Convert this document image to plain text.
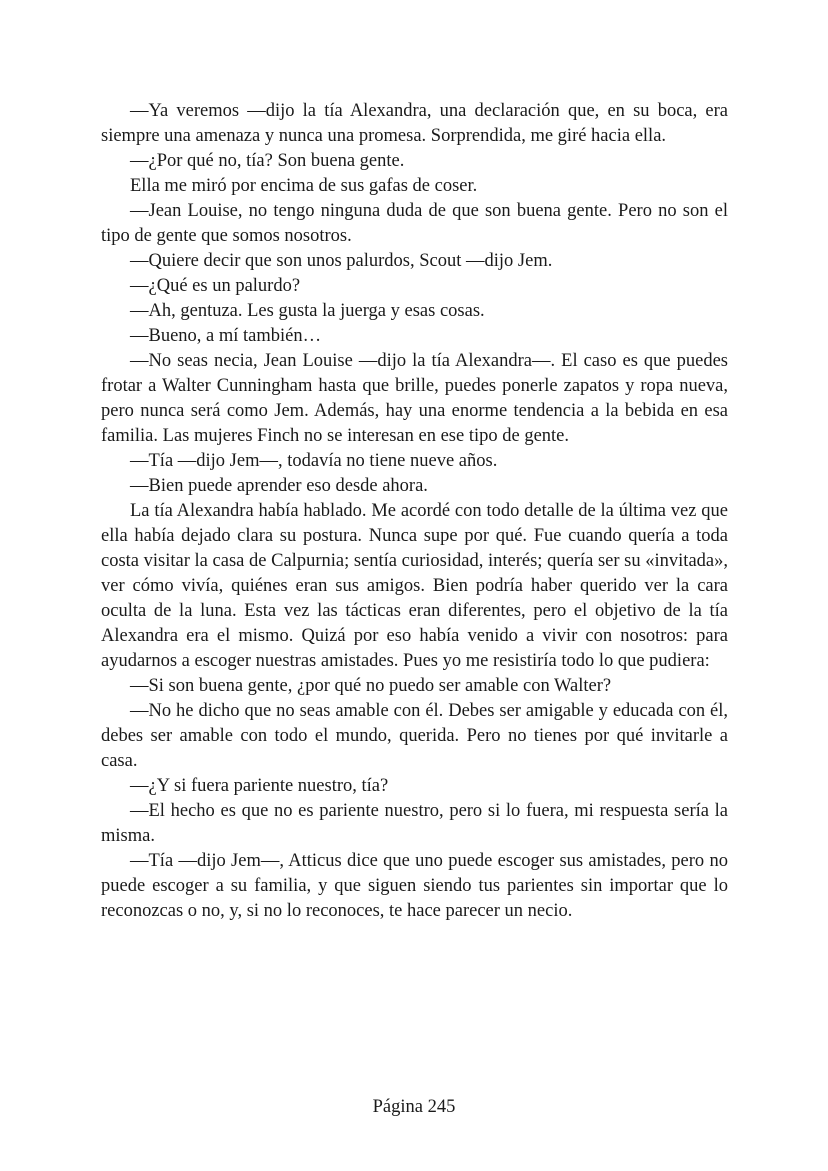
—Ya veremos —dijo la tía Alexandra, una declaración que, en su boca, era siempre una amenaza y nunca una promesa. Sorprendida, me giré hacia ella.

—¿Por qué no, tía? Son buena gente.

Ella me miró por encima de sus gafas de coser.

—Jean Louise, no tengo ninguna duda de que son buena gente. Pero no son el tipo de gente que somos nosotros.

—Quiere decir que son unos palurdos, Scout —dijo Jem.

—¿Qué es un palurdo?

—Ah, gentuza. Les gusta la juerga y esas cosas.

—Bueno, a mí también…

—No seas necia, Jean Louise —dijo la tía Alexandra—. El caso es que puedes frotar a Walter Cunningham hasta que brille, puedes ponerle zapatos y ropa nueva, pero nunca será como Jem. Además, hay una enorme tendencia a la bebida en esa familia. Las mujeres Finch no se interesan en ese tipo de gente.

—Tía —dijo Jem—, todavía no tiene nueve años.

—Bien puede aprender eso desde ahora.

La tía Alexandra había hablado. Me acordé con todo detalle de la última vez que ella había dejado clara su postura. Nunca supe por qué. Fue cuando quería a toda costa visitar la casa de Calpurnia; sentía curiosidad, interés; quería ser su «invitada», ver cómo vivía, quiénes eran sus amigos. Bien podría haber querido ver la cara oculta de la luna. Esta vez las tácticas eran diferentes, pero el objetivo de la tía Alexandra era el mismo. Quizá por eso había venido a vivir con nosotros: para ayudarnos a escoger nuestras amistades. Pues yo me resistiría todo lo que pudiera:

—Si son buena gente, ¿por qué no puedo ser amable con Walter?

—No he dicho que no seas amable con él. Debes ser amigable y educada con él, debes ser amable con todo el mundo, querida. Pero no tienes por qué invitarle a casa.

—¿Y si fuera pariente nuestro, tía?

—El hecho es que no es pariente nuestro, pero si lo fuera, mi respuesta sería la misma.

—Tía —dijo Jem—, Atticus dice que uno puede escoger sus amistades, pero no puede escoger a su familia, y que siguen siendo tus parientes sin importar que lo reconozcas o no, y, si no lo reconoces, te hace parecer un necio.

Página 245
